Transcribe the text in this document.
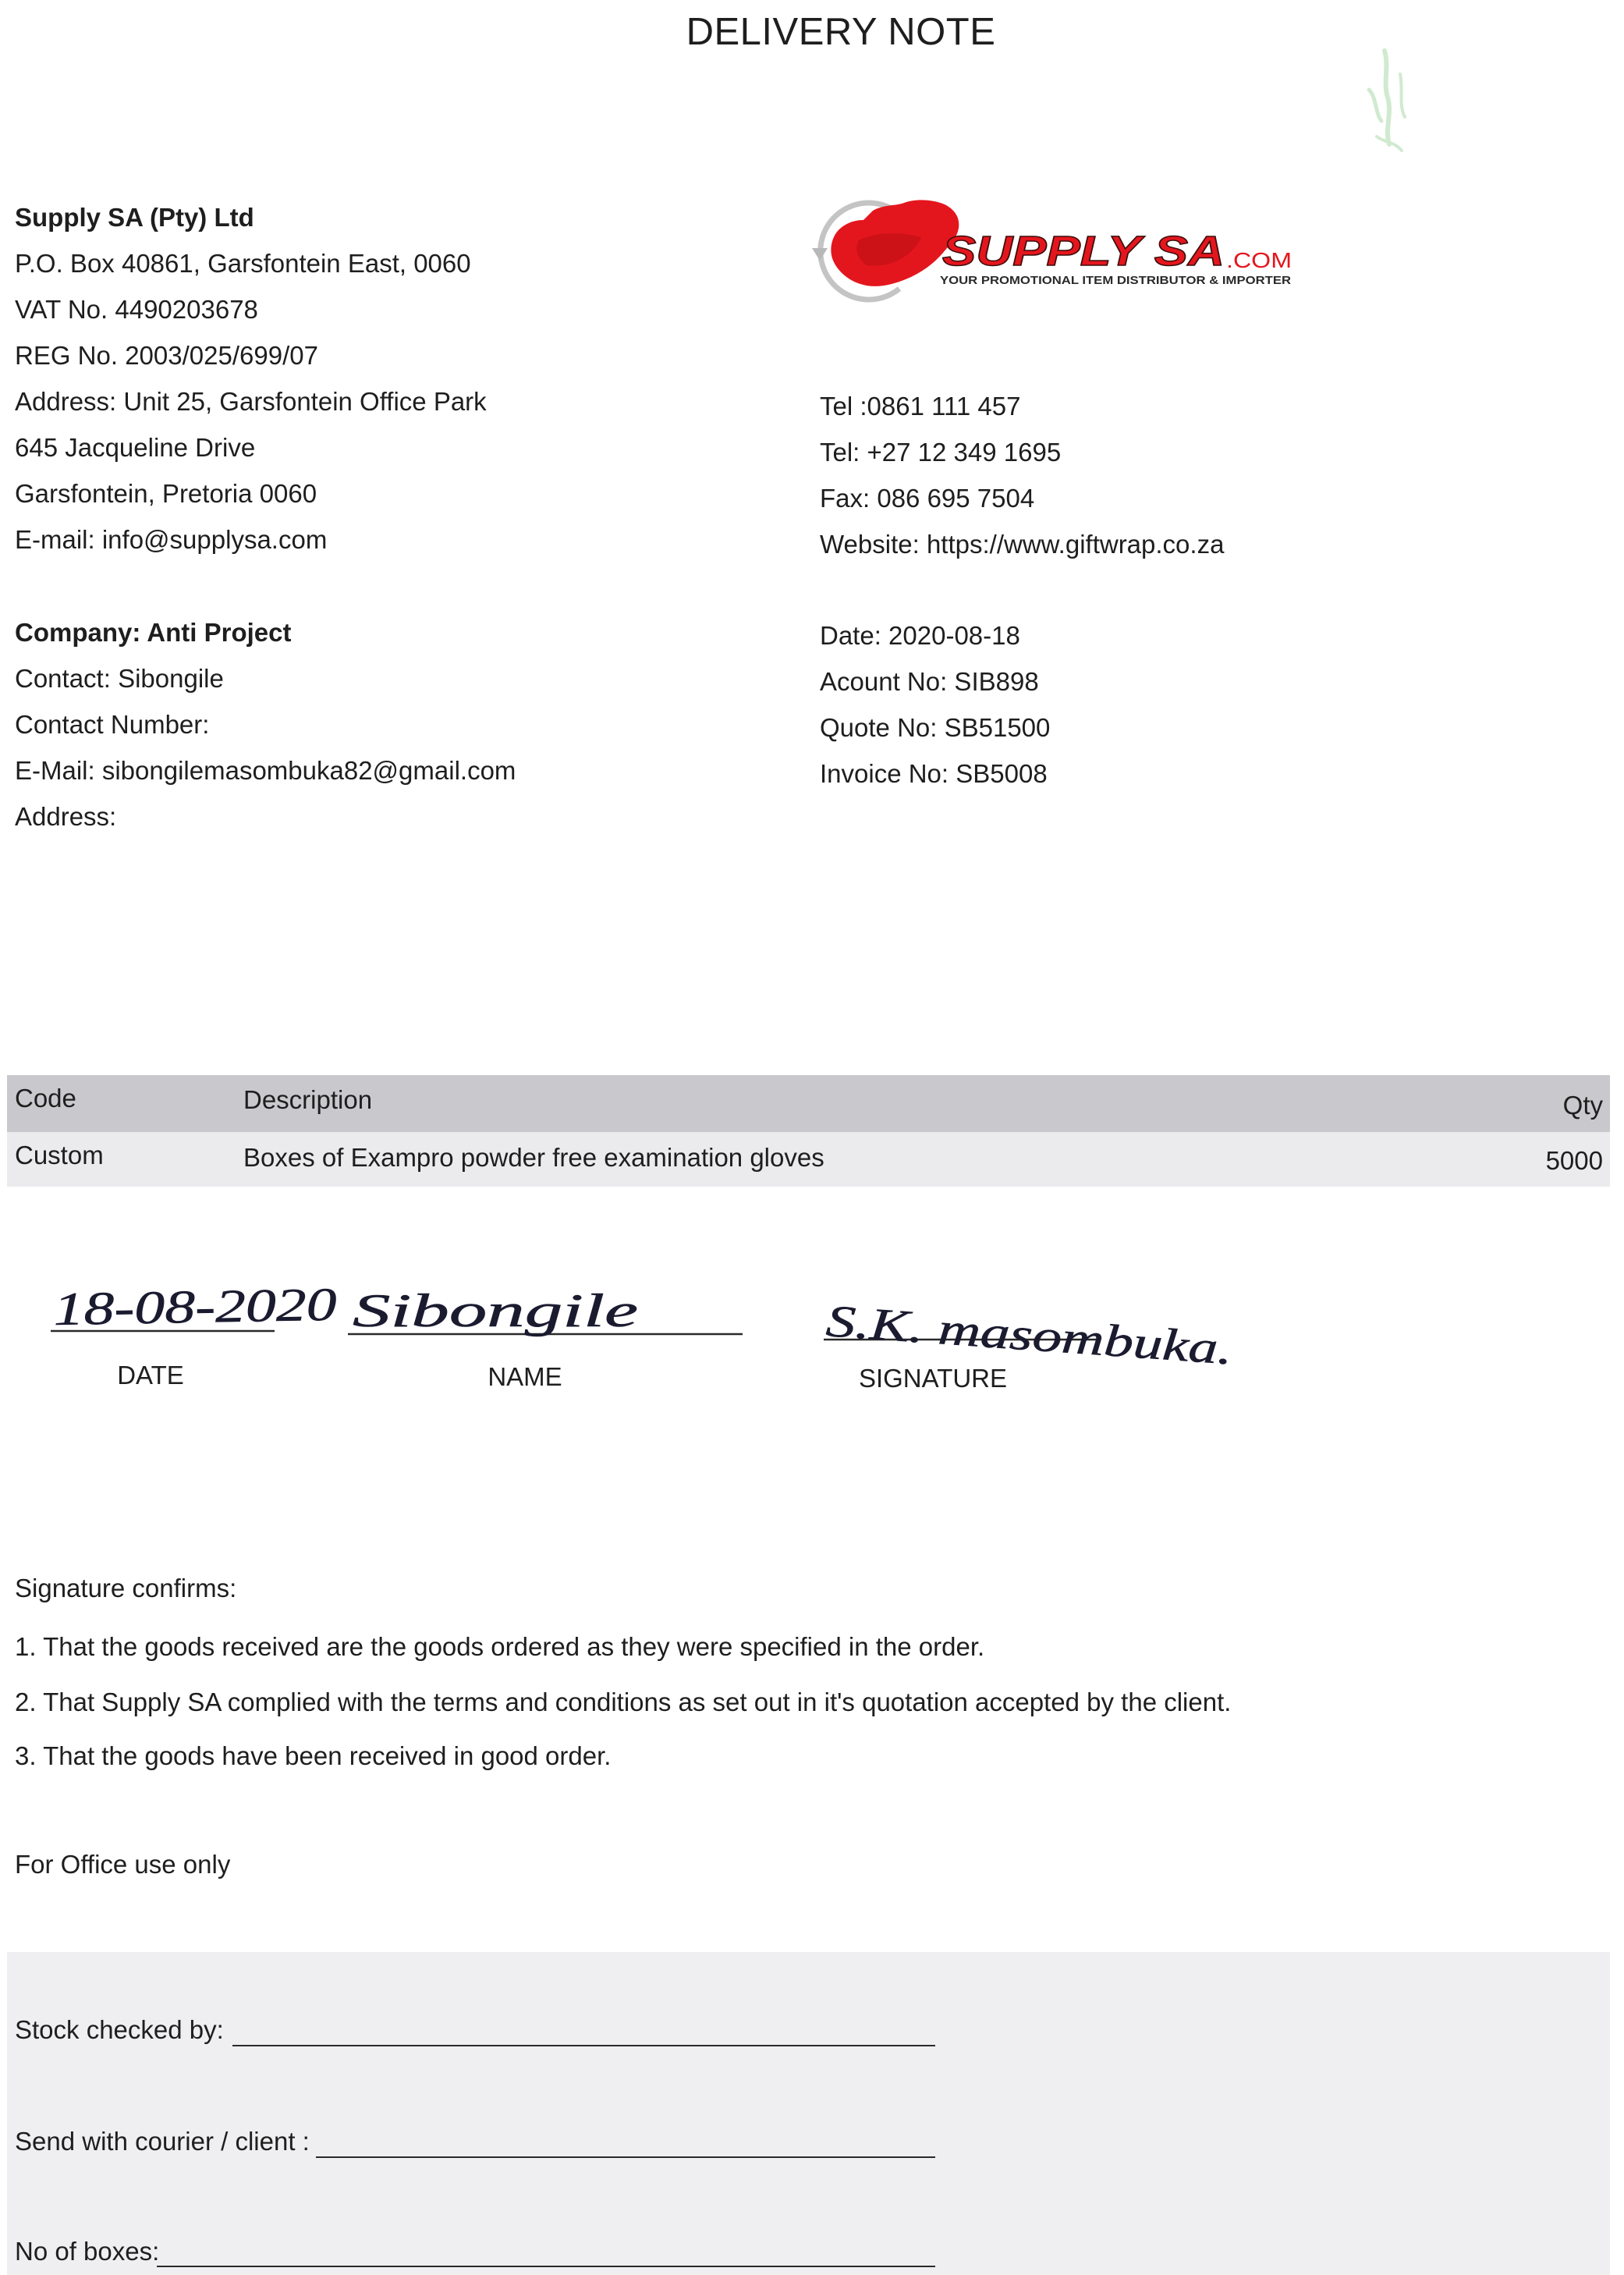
DELIVERY NOTE
Supply SA (Pty) Ltd
P.O. Box 40861, Garsfontein East, 0060
VAT No. 4490203678
REG No. 2003/025/699/07
Address: Unit 25, Garsfontein Office Park
645 Jacqueline Drive
Garsfontein, Pretoria 0060
E-mail: info@supplysa.com
SUPPLY SA .COM
YOUR PROMOTIONAL ITEM DISTRIBUTOR & IMPORTER
Tel :0861 111 457
Tel: +27 12 349 1695
Fax: 086 695 7504
Website: https://www.giftwrap.co.za
Company: Anti Project
Contact: Sibongile
Contact Number:
E-Mail: sibongilemasombuka82@gmail.com
Address:
Date: 2020-08-18
Acount No: SIB898
Quote No: SB51500
Invoice No: SB5008
Code	Description	Qty
Custom	Boxes of Exampro powder free examination gloves	5000
18-08-2020	Sibongile	S.K. masombuka.
DATE	NAME	SIGNATURE
Signature confirms:
1. That the goods received are the goods ordered as they were specified in the order.
2. That Supply SA complied with the terms and conditions as set out in it's quotation accepted by the client.
3. That the goods have been received in good order.
For Office use only
Stock checked by:
Send with courier / client :
No of boxes:
